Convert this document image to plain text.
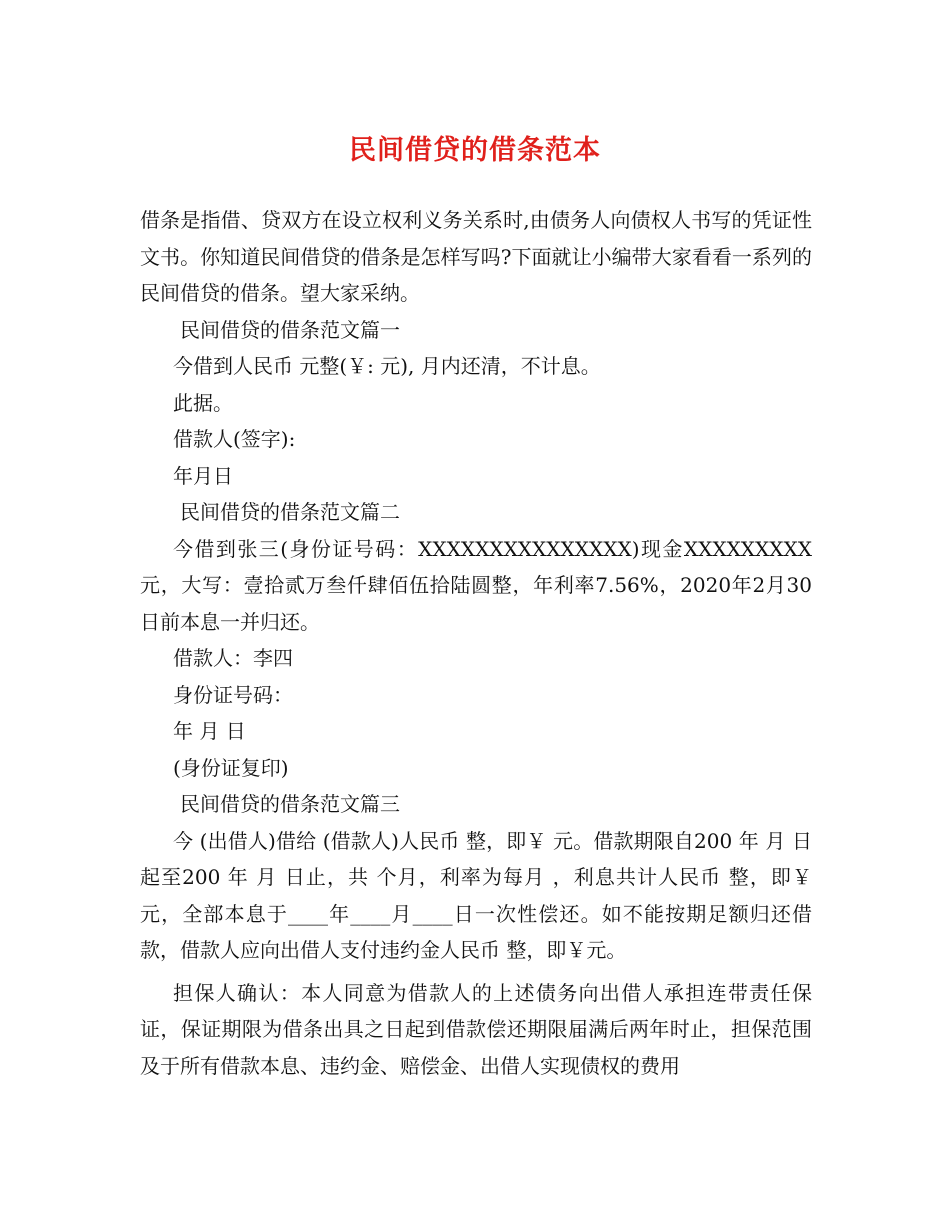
民间借贷的借条范本

借条是指借、贷双方在设立权利义务关系时,由债务人向债权人书写的凭证性文书。你知道民间借贷的借条是怎样写吗?下面就让小编带大家看看一系列的民间借贷的借条。望大家采纳。

民间借贷的借条范文篇一

今借到人民币 元整(￥: 元), 月内还清，不计息。

此据。

借款人(签字):

年月日

民间借贷的借条范文篇二

今借到张三(身份证号码：XXXXXXXXXXXXXXX)现金XXXXXXXXX元，大写：壹拾贰万叁仟肆佰伍拾陆圆整，年利率7.56%，2020年2月30日前本息一并归还。

借款人：李四

身份证号码：

年 月 日

(身份证复印)

民间借贷的借条范文篇三

今 (出借人)借给 (借款人)人民币 整，即￥ 元。借款期限自200 年 月 日起至200 年 月 日止，共 个月，利率为每月 ，利息共计人民币 整，即￥ 元，全部本息于____年____月____日一次性偿还。如不能按期足额归还借款，借款人应向出借人支付违约金人民币 整，即￥元。

担保人确认：本人同意为借款人的上述债务向出借人承担连带责任保证，保证期限为借条出具之日起到借款偿还期限届满后两年时止，担保范围及于所有借款本息、违约金、赔偿金、出借人实现债权的费用
